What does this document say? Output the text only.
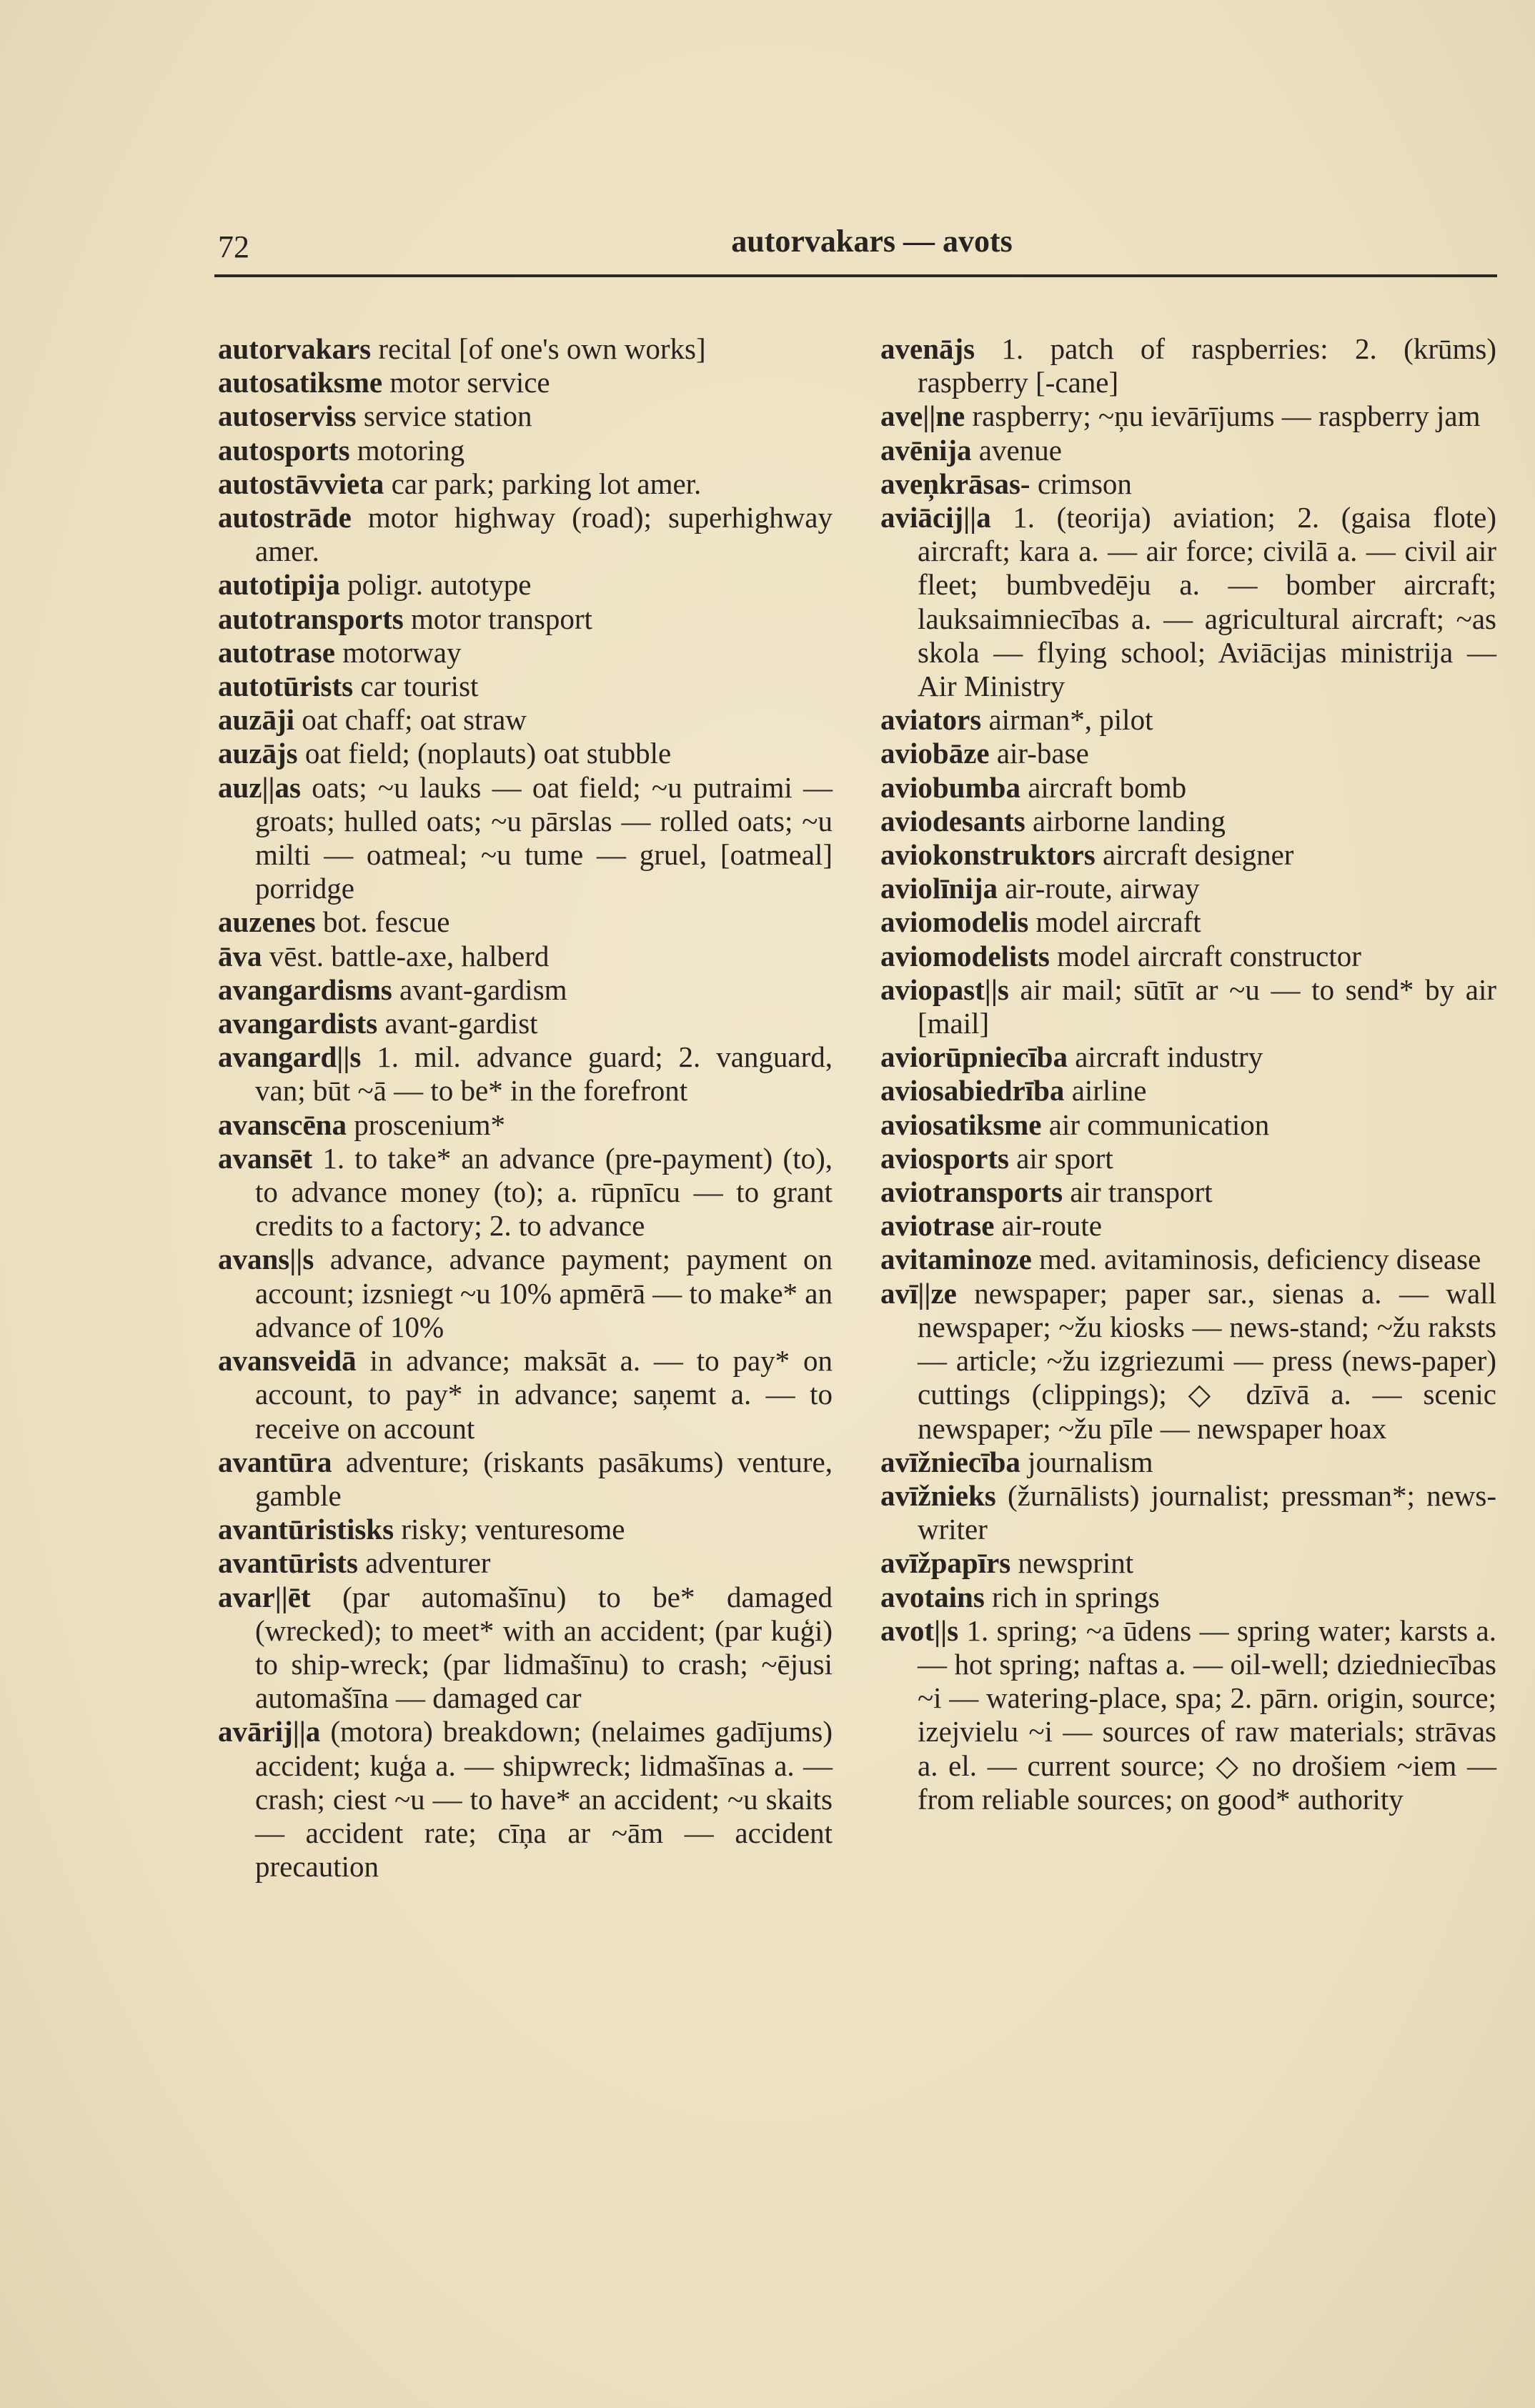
72	autorvakars — avots

autorvakars recital [of one's own works]

autosatiksme motor service

autoserviss service station

autosports motoring

autostāvvieta car park; parking lot amer.

autostrāde motor highway (road); superhighway amer.

autotipija poligr. autotype

autotransports motor transport

autotrase motorway

autotūrists car tourist

auzāji oat chaff; oat straw

auzājs oat field; (noplauts) oat stubble

auz||as oats; ~u lauks — oat field; ~u putraimi — groats; hulled oats; ~u pārslas — rolled oats; ~u milti — oatmeal; ~u tume — gruel, [oatmeal] porridge

auzenes bot. fescue

āva vēst. battle-axe, halberd

avangardisms avant-gardism

avangardists avant-gardist

avangard||s 1. mil. advance guard; 2. vanguard, van; būt ~ā — to be* in the forefront

avanscēna proscenium*

avansēt 1. to take* an advance (pre-payment) (to), to advance money (to); a. rūpnīcu — to grant credits to a factory; 2. to advance

avans||s advance, advance payment; payment on account; izsniegt ~u 10% apmērā — to make* an advance of 10%

avansveidā in advance; maksāt a. — to pay* on account, to pay* in advance; saņemt a. — to receive on account

avantūra adventure; (riskants pasākums) venture, gamble

avantūristisks risky; venturesome

avantūrists adventurer

avar||ēt (par automašīnu) to be* damaged (wrecked); to meet* with an accident; (par kuģi) to ship-wreck; (par lidmašīnu) to crash; ~ējusi automašīna — damaged car

avārij||a (motora) breakdown; (nelaimes gadījums) accident; kuģa a. — shipwreck; lidmašīnas a. — crash; ciest ~u — to have* an accident; ~u skaits — accident rate; cīņa ar ~ām — accident precaution

avenājs 1. patch of raspberries: 2. (krūms) raspberry [-cane]

ave||ne raspberry; ~ņu ievārījums — raspberry jam

avēnija avenue

aveņkrāsas- crimson

aviācij||a 1. (teorija) aviation; 2. (gaisa flote) aircraft; kara a. — air force; civilā a. — civil air fleet; bumbvedēju a. — bomber aircraft; lauksaimniecības a. — agricultural aircraft; ~as skola — flying school; Aviācijas ministrija — Air Ministry

aviators airman*, pilot

aviobāze air-base

aviobumba aircraft bomb

aviodesants airborne landing

aviokonstruktors aircraft designer

aviolīnija air-route, airway

aviomodelis model aircraft

aviomodelists model aircraft constructor

aviopast||s air mail; sūtīt ar ~u — to send* by air [mail]

aviorūpniecība aircraft industry

aviosabiedrība airline

aviosatiksme air communication

aviosports air sport

aviotransports air transport

aviotrase air-route

avitaminoze med. avitaminosis, deficiency disease

avī||ze newspaper; paper sar., sienas a. — wall newspaper; ~žu kiosks — news-stand; ~žu raksts — article; ~žu izgriezumi — press (news-paper) cuttings (clippings); ◇ dzīvā a. — scenic newspaper; ~žu pīle — newspaper hoax

avīžniecība journalism

avīžnieks (žurnālists) journalist; pressman*; news-writer

avīžpapīrs newsprint

avotains rich in springs

avot||s 1. spring; ~a ūdens — spring water; karsts a. — hot spring; naftas a. — oil-well; dziedniecības ~i — watering-place, spa; 2. pārn. origin, source; izejvielu ~i — sources of raw materials; strāvas a. el. — current source; ◇ no drošiem ~iem — from reliable sources; on good* authority
